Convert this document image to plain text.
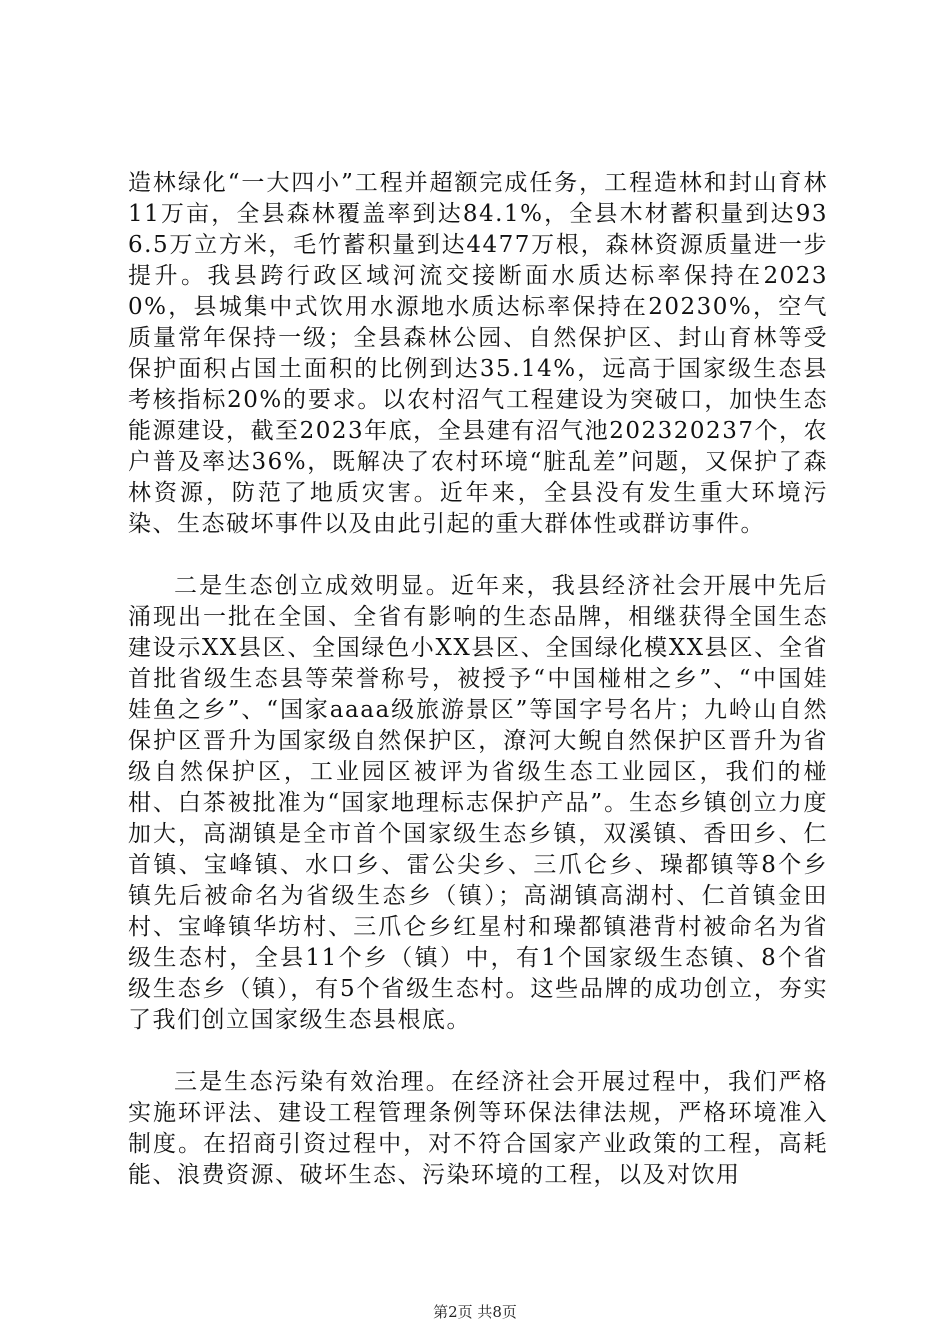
造林绿化“一大四小”工程并超额完成任务，工程造林和封山育林11万亩，全县森林覆盖率到达84.1%，全县木材蓄积量到达936.5万立方米，毛竹蓄积量到达4477万根，森林资源质量进一步提升。我县跨行政区域河流交接断面水质达标率保持在20230%，县城集中式饮用水源地水质达标率保持在20230%，空气质量常年保持一级；全县森林公园、自然保护区、封山育林等受保护面积占国土面积的比例到达35.14%，远高于国家级生态县考核指标20%的要求。以农村沼气工程建设为突破口，加快生态能源建设，截至2023年底，全县建有沼气池202320237个，农户普及率达36%，既解决了农村环境“脏乱差”问题，又保护了森林资源，防范了地质灾害。近年来，全县没有发生重大环境污染、生态破坏事件以及由此引起的重大群体性或群访事件。

二是生态创立成效明显。近年来，我县经济社会开展中先后涌现出一批在全国、全省有影响的生态品牌，相继获得全国生态建设示XX县区、全国绿色小XX县区、全国绿化模XX县区、全省首批省级生态县等荣誉称号，被授予“中国椪柑之乡”、“中国娃娃鱼之乡”、“国家aaaa级旅游景区”等国字号名片；九岭山自然保护区晋升为国家级自然保护区，潦河大鲵自然保护区晋升为省级自然保护区，工业园区被评为省级生态工业园区，我们的椪柑、白茶被批准为“国家地理标志保护产品”。生态乡镇创立力度加大，高湖镇是全市首个国家级生态乡镇，双溪镇、香田乡、仁首镇、宝峰镇、水口乡、雷公尖乡、三爪仑乡、璪都镇等8个乡镇先后被命名为省级生态乡（镇）；高湖镇高湖村、仁首镇金田村、宝峰镇华坊村、三爪仑乡红星村和璪都镇港背村被命名为省级生态村，全县11个乡（镇）中，有1个国家级生态镇、8个省级生态乡（镇），有5个省级生态村。这些品牌的成功创立，夯实了我们创立国家级生态县根底。

三是生态污染有效治理。在经济社会开展过程中，我们严格实施环评法、建设工程管理条例等环保法律法规，严格环境准入制度。在招商引资过程中，对不符合国家产业政策的工程，高耗能、浪费资源、破坏生态、污染环境的工程，以及对饮用

第2页 共8页
